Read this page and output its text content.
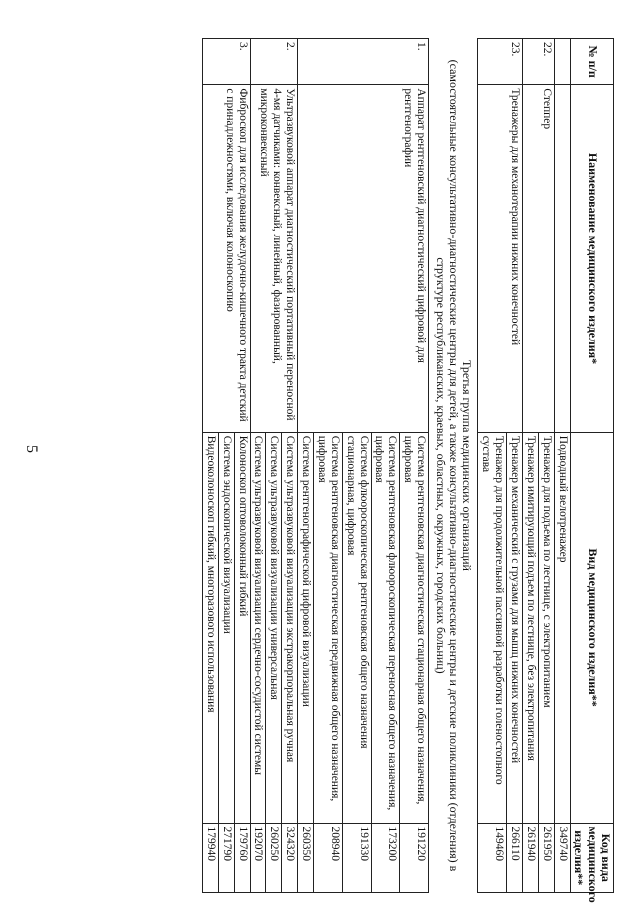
5
№ п/п	Наименование медицинского изделия*	Вид медицинского изделия**	Код вида медицинского изделия**
		Подводный велотренажер	349740
22.	Степпер	Тренажер для подъема по лестнице, с электропитанием	261950
		Тренажер имитирующий подъем по лестнице, без электропитания	261940
23.	Тренажеры для механотерапии нижних конечностей	Тренажер механический с грузами для мышц нижних конечностей	266110
		Тренажер для продолжительной пассивной разработки голеностопного сустава	149460

Третья группа медицинских организаций
(самостоятельные консультативно-диагностические центры для детей, а также консультативно-диагностические центры и детские поликлиники (отделения) в структуре республиканских, краевых, областных, окружных, городских больниц)			

1.	Аппарат рентгеновский диагностический цифровой для рентгенографии	Система рентгеновская диагностическая стационарная общего назначения, цифровая	191220
		Система рентгеновская флюороскопическая переносная общего назначения, цифровая	173200
		Система флюороскопическая рентгеновская общего назначения стационарная, цифровая	191330
		Система рентгеновская диагностическая передвижная общего назначения, цифровая	208940
		Система рентгенографической цифровой визуализации	260350
2.	Ультразвуковой аппарат диагностический портативный переносной 4-мя датчиками: конвексный, линейный, фазированный, микроконвексный	Система ультразвуковой визуализации экстракорпоральная ручная	324320
		Система ультразвуковой визуализации универсальная	260250
		Система ультразвуковой визуализации сердечно-сосудистой системы	192070
3.	Фиброскоп для исследования желудочно-кишечного тракта детский с принадлежностями, включая колоноскопию	Колоноскоп оптоволоконный гибкий	179760
		Система эндоскопической визуализации	271790
		Видеоколоноскоп гибкий, многоразового использования	179940
